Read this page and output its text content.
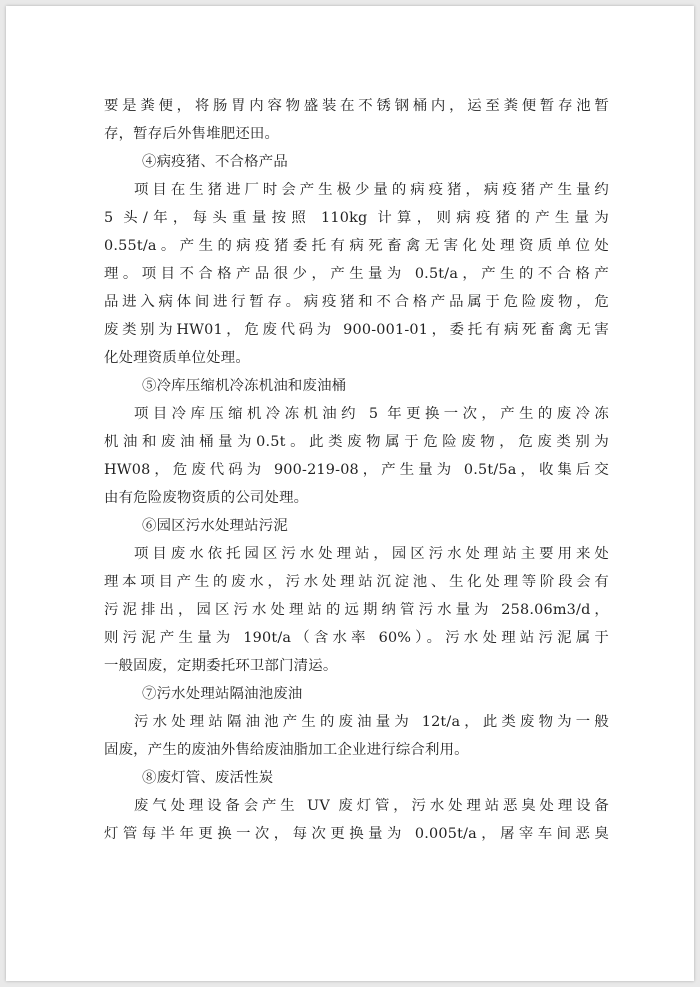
要是粪便，将肠胃内容物盛装在不锈钢桶内，运至粪便暂存池暂
存，暂存后外售堆肥还田。
④病疫猪、不合格产品
项目在生猪进厂时会产生极少量的病疫猪，病疫猪产生量约
5 头/年，每头重量按照 110kg 计算，则病疫猪的产生量为
0.55t/a。产生的病疫猪委托有病死畜禽无害化处理资质单位处
理。项目不合格产品很少，产生量为 0.5t/a，产生的不合格产
品进入病体间进行暂存。病疫猪和不合格产品属于危险废物，危
废类别为HW01，危废代码为 900-001-01，委托有病死畜禽无害
化处理资质单位处理。
⑤冷库压缩机冷冻机油和废油桶
项目冷库压缩机冷冻机油约 5 年更换一次，产生的废冷冻
机油和废油桶量为0.5t。此类废物属于危险废物，危废类别为
HW08，危废代码为 900-219-08，产生量为 0.5t/5a，收集后交
由有危险废物资质的公司处理。
⑥园区污水处理站污泥
项目废水依托园区污水处理站，园区污水处理站主要用来处
理本项目产生的废水，污水处理站沉淀池、生化处理等阶段会有
污泥排出，园区污水处理站的远期纳管污水量为 258.06m3/d，
则污泥产生量为 190t/a（含水率 60%）。污水处理站污泥属于
一般固废，定期委托环卫部门清运。
⑦污水处理站隔油池废油
污水处理站隔油池产生的废油量为 12t/a，此类废物为一般
固废，产生的废油外售给废油脂加工企业进行综合利用。
⑧废灯管、废活性炭
废气处理设备会产生 UV 废灯管，污水处理站恶臭处理设备
灯管每半年更换一次，每次更换量为 0.005t/a，屠宰车间恶臭
